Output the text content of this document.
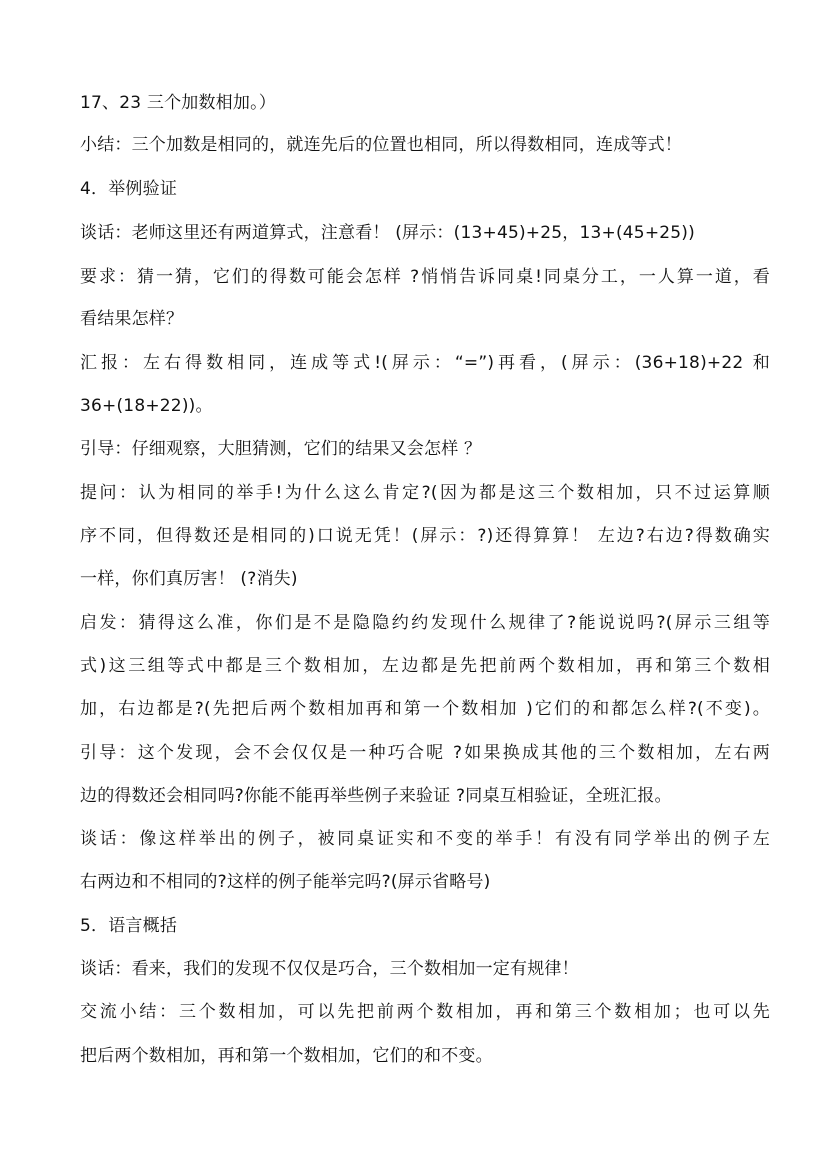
17、23 三个加数相加。）
小结：三个加数是相同的，就连先后的位置也相同，所以得数相同，连成等式！
4．举例验证
谈话：老师这里还有两道算式，注意看！ (屏示：(13+45)+25，13+(45+25))
要求：猜一猜，它们的得数可能会怎样 ?悄悄告诉同桌!同桌分工，一人算一道，看
看结果怎样？
汇报：左右得数相同，连成等式!(屏示：“=”)再看，(屏示：(36+18)+22 和
36+(18+22))。
引导：仔细观察，大胆猜测，它们的结果又会怎样 ？
提问：认为相同的举手!为什么这么肯定?(因为都是这三个数相加，只不过运算顺
序不同，但得数还是相同的)口说无凭！(屏示：?)还得算算！ 左边?右边?得数确实
一样，你们真厉害！ (?消失)
启发：猜得这么准，你们是不是隐隐约约发现什么规律了?能说说吗?(屏示三组等
式)这三组等式中都是三个数相加，左边都是先把前两个数相加，再和第三个数相
加，右边都是?(先把后两个数相加再和第一个数相加 )它们的和都怎么样?(不变)。
引导：这个发现，会不会仅仅是一种巧合呢 ?如果换成其他的三个数相加，左右两
边的得数还会相同吗?你能不能再举些例子来验证 ?同桌互相验证，全班汇报。
谈话：像这样举出的例子，被同桌证实和不变的举手！有没有同学举出的例子左
右两边和不相同的?这样的例子能举完吗?(屏示省略号)
5．语言概括
谈话：看来，我们的发现不仅仅是巧合，三个数相加一定有规律！
交流小结：三个数相加，可以先把前两个数相加，再和第三个数相加；也可以先
把后两个数相加，再和第一个数相加，它们的和不变。
